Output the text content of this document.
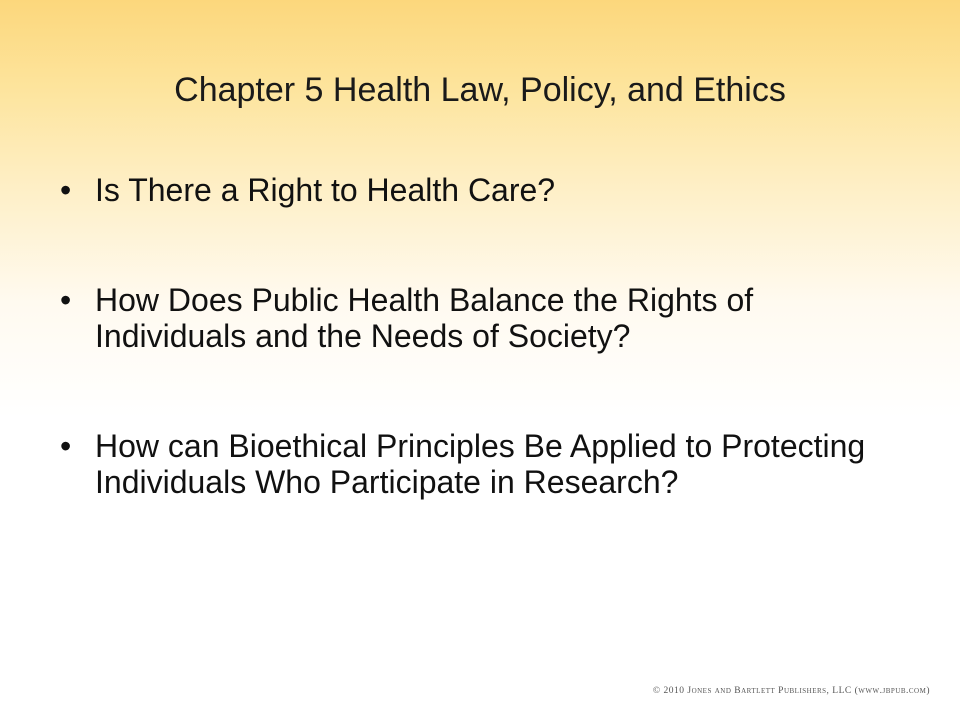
Chapter 5 Health Law, Policy, and Ethics
• Is There a Right to Health Care?
• How Does Public Health Balance the Rights of Individuals and the Needs of Society?
• How can Bioethical Principles Be Applied to Protecting Individuals Who Participate in Research?
© 2010 Jones and Bartlett Publishers, LLC (www.jbpub.com)
